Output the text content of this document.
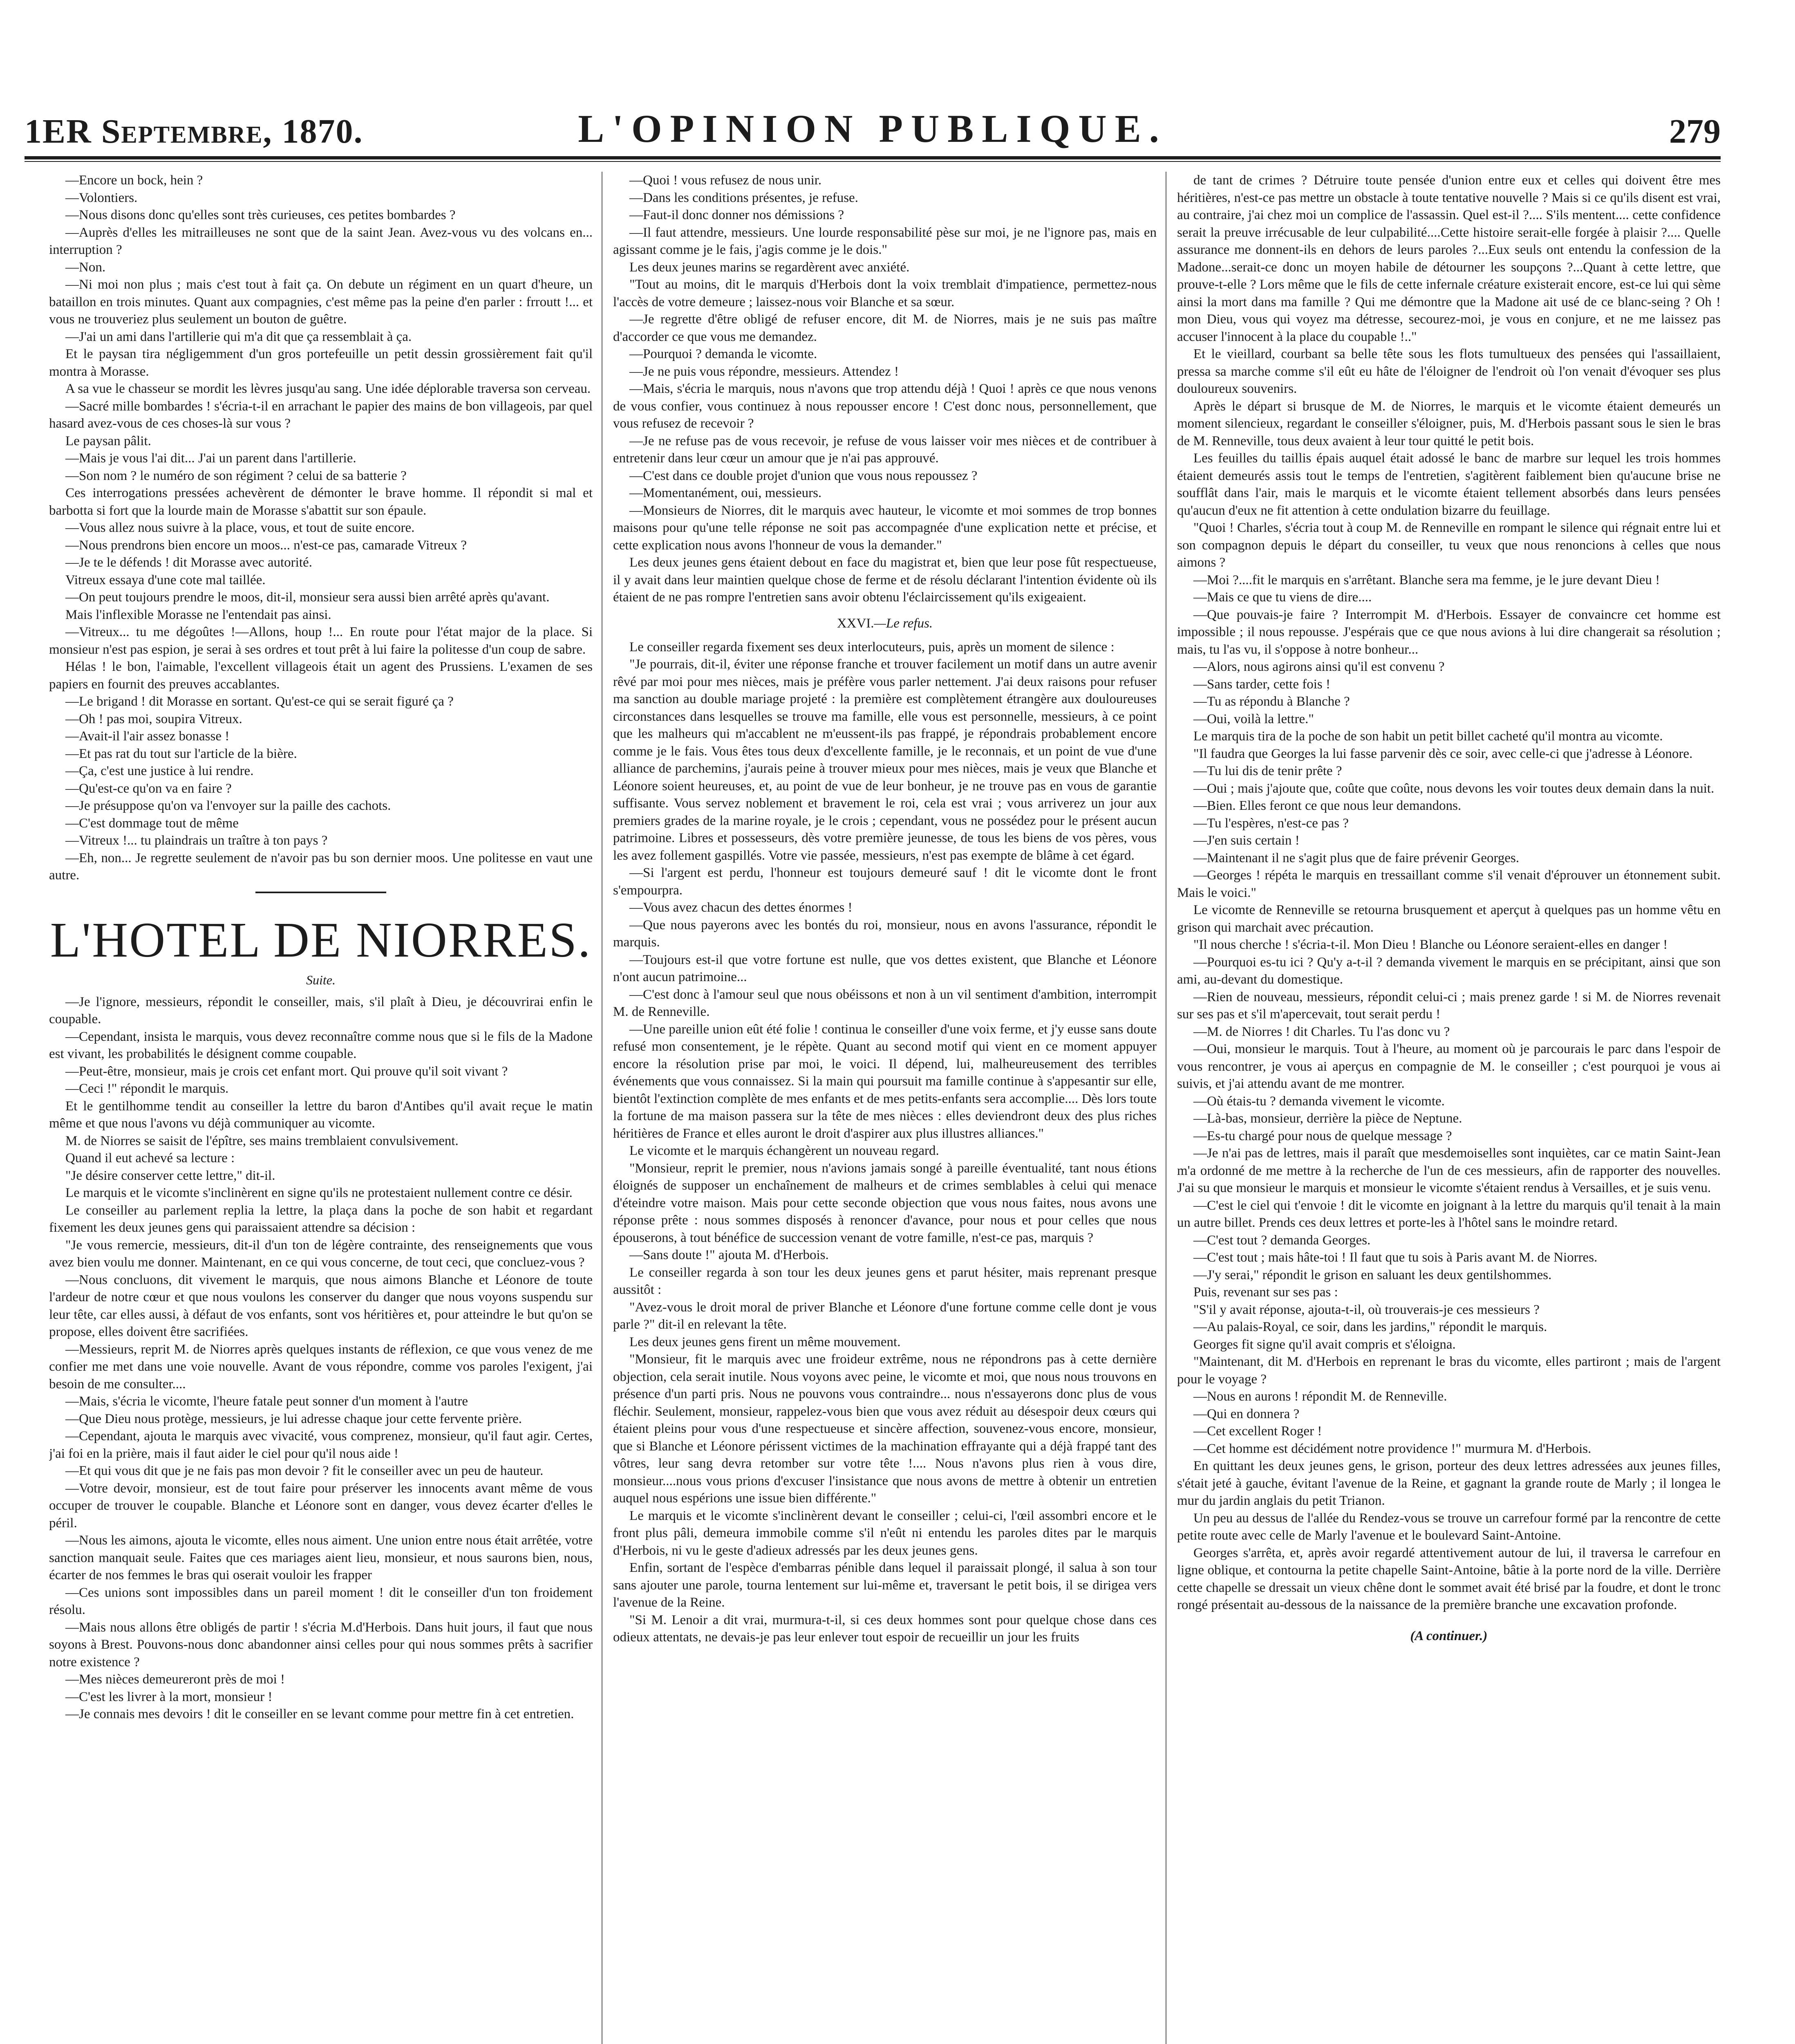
1ER Septembre, 1870.	L'OPINION PUBLIQUE.	279

—Encore un bock, hein ?

—Volontiers.

—Nous disons donc qu'elles sont très curieuses, ces petites bombardes ?

—Auprès d'elles les mitrailleuses ne sont que de la saint Jean. Avez-vous vu des volcans en... interruption ?

—Non.

—Ni moi non plus ; mais c'est tout à fait ça. On debute un régiment en un quart d'heure, un bataillon en trois minutes. Quant aux compagnies, c'est même pas la peine d'en parler : frroutt !... et vous ne trouveriez plus seulement un bouton de guêtre.

—J'ai un ami dans l'artillerie qui m'a dit que ça ressemblait à ça.

Et le paysan tira négligemment d'un gros portefeuille un petit dessin grossièrement fait qu'il montra à Morasse.

A sa vue le chasseur se mordit les lèvres jusqu'au sang. Une idée déplorable traversa son cerveau.

—Sacré mille bombardes ! s'écria-t-il en arrachant le papier des mains de bon villageois, par quel hasard avez-vous de ces choses-là sur vous ?

Le paysan pâlit.

—Mais je vous l'ai dit... J'ai un parent dans l'artillerie.

—Son nom ? le numéro de son régiment ? celui de sa batterie ?

Ces interrogations pressées achevèrent de démonter le brave homme. Il répondit si mal et barbotta si fort que la lourde main de Morasse s'abattit sur son épaule.

—Vous allez nous suivre à la place, vous, et tout de suite encore.

—Nous prendrons bien encore un moos... n'est-ce pas, camarade Vitreux ?

—Je te le défends ! dit Morasse avec autorité.

Vitreux essaya d'une cote mal taillée.

—On peut toujours prendre le moos, dit-il, monsieur sera aussi bien arrêté après qu'avant.

Mais l'inflexible Morasse ne l'entendait pas ainsi.

—Vitreux... tu me dégoûtes !—Allons, houp !... En route pour l'état major de la place. Si monsieur n'est pas espion, je serai à ses ordres et tout prêt à lui faire la politesse d'un coup de sabre.

Hélas ! le bon, l'aimable, l'excellent villageois était un agent des Prussiens. L'examen de ses papiers en fournit des preuves accablantes.

—Le brigand ! dit Morasse en sortant. Qu'est-ce qui se serait figuré ça ?

—Oh ! pas moi, soupira Vitreux.

—Avait-il l'air assez bonasse !

—Et pas rat du tout sur l'article de la bière.

—Ça, c'est une justice à lui rendre.

—Qu'est-ce qu'on va en faire ?

—Je présuppose qu'on va l'envoyer sur la paille des cachots.

—C'est dommage tout de même

—Vitreux !... tu plaindrais un traître à ton pays ?

—Eh, non... Je regrette seulement de n'avoir pas bu son dernier moos. Une politesse en vaut une autre.

L'HOTEL DE NIORRES.
Suite.

—Je l'ignore, messieurs, répondit le conseiller, mais, s'il plaît à Dieu, je découvrirai enfin le coupable.

—Cependant, insista le marquis, vous devez reconnaître comme nous que si le fils de la Madone est vivant, les probabilités le désignent comme coupable.

—Peut-être, monsieur, mais je crois cet enfant mort. Qui prouve qu'il soit vivant ?

—Ceci !" répondit le marquis.

Et le gentilhomme tendit au conseiller la lettre du baron d'Antibes qu'il avait reçue le matin même et que nous l'avons vu déjà communiquer au vicomte.

M. de Niorres se saisit de l'épître, ses mains tremblaient convulsivement.

Quand il eut achevé sa lecture :

"Je désire conserver cette lettre," dit-il.

Le marquis et le vicomte s'inclinèrent en signe qu'ils ne protestaient nullement contre ce désir.

Le conseiller au parlement replia la lettre, la plaça dans la poche de son habit et regardant fixement les deux jeunes gens qui paraissaient attendre sa décision :

"Je vous remercie, messieurs, dit-il d'un ton de légère contrainte, des renseignements que vous avez bien voulu me donner. Maintenant, en ce qui vous concerne, de tout ceci, que concluez-vous ?

—Nous concluons, dit vivement le marquis, que nous aimons Blanche et Léonore de toute l'ardeur de notre cœur et que nous voulons les conserver du danger que nous voyons suspendu sur leur tête, car elles aussi, à défaut de vos enfants, sont vos héritières et, pour atteindre le but qu'on se propose, elles doivent être sacrifiées.

—Messieurs, reprit M. de Niorres après quelques instants de réflexion, ce que vous venez de me confier me met dans une voie nouvelle. Avant de vous répondre, comme vos paroles l'exigent, j'ai besoin de me consulter....

—Mais, s'écria le vicomte, l'heure fatale peut sonner d'un moment à l'autre

—Que Dieu nous protège, messieurs, je lui adresse chaque jour cette fervente prière.

—Cependant, ajouta le marquis avec vivacité, vous comprenez, monsieur, qu'il faut agir. Certes, j'ai foi en la prière, mais il faut aider le ciel pour qu'il nous aide !

—Et qui vous dit que je ne fais pas mon devoir ? fit le conseiller avec un peu de hauteur.

—Votre devoir, monsieur, est de tout faire pour préserver les innocents avant même de vous occuper de trouver le coupable. Blanche et Léonore sont en danger, vous devez écarter d'elles le péril.

—Nous les aimons, ajouta le vicomte, elles nous aiment. Une union entre nous était arrêtée, votre sanction manquait seule. Faites que ces mariages aient lieu, monsieur, et nous saurons bien, nous, écarter de nos femmes le bras qui oserait vouloir les frapper

—Ces unions sont impossibles dans un pareil moment ! dit le conseiller d'un ton froidement résolu.

—Mais nous allons être obligés de partir ! s'écria M.d'Herbois. Dans huit jours, il faut que nous soyons à Brest. Pouvons-nous donc abandonner ainsi celles pour qui nous sommes prêts à sacrifier notre existence ?

—Mes nièces demeureront près de moi !

—C'est les livrer à la mort, monsieur !

—Je connais mes devoirs ! dit le conseiller en se levant comme pour mettre fin à cet entretien.

—Quoi ! vous refusez de nous unir.

—Dans les conditions présentes, je refuse.

—Faut-il donc donner nos démissions ?

—Il faut attendre, messieurs. Une lourde responsabilité pèse sur moi, je ne l'ignore pas, mais en agissant comme je le fais, j'agis comme je le dois."

Les deux jeunes marins se regardèrent avec anxiété.

"Tout au moins, dit le marquis d'Herbois dont la voix tremblait d'impatience, permettez-nous l'accès de votre demeure ; laissez-nous voir Blanche et sa sœur.

—Je regrette d'être obligé de refuser encore, dit M. de Niorres, mais je ne suis pas maître d'accorder ce que vous me demandez.

—Pourquoi ? demanda le vicomte.

—Je ne puis vous répondre, messieurs. Attendez !

—Mais, s'écria le marquis, nous n'avons que trop attendu déjà ! Quoi ! après ce que nous venons de vous confier, vous continuez à nous repousser encore ! C'est donc nous, personnellement, que vous refusez de recevoir ?

—Je ne refuse pas de vous recevoir, je refuse de vous laisser voir mes nièces et de contribuer à entretenir dans leur cœur un amour que je n'ai pas approuvé.

—C'est dans ce double projet d'union que vous nous repoussez ?

—Momentanément, oui, messieurs.

—Monsieurs de Niorres, dit le marquis avec hauteur, le vicomte et moi sommes de trop bonnes maisons pour qu'une telle réponse ne soit pas accompagnée d'une explication nette et précise, et cette explication nous avons l'honneur de vous la demander."

Les deux jeunes gens étaient debout en face du magistrat et, bien que leur pose fût respectueuse, il y avait dans leur maintien quelque chose de ferme et de résolu déclarant l'intention évidente où ils étaient de ne pas rompre l'entretien sans avoir obtenu l'éclaircissement qu'ils exigeaient.

XXVI.—Le refus.

Le conseiller regarda fixement ses deux interlocuteurs, puis, après un moment de silence :

"Je pourrais, dit-il, éviter une réponse franche et trouver facilement un motif dans un autre avenir rêvé par moi pour mes nièces, mais je préfère vous parler nettement. J'ai deux raisons pour refuser ma sanction au double mariage projeté : la première est complètement étrangère aux douloureuses circonstances dans lesquelles se trouve ma famille, elle vous est personnelle, messieurs, à ce point que les malheurs qui m'accablent ne m'eussent-ils pas frappé, je répondrais probablement encore comme je le fais. Vous êtes tous deux d'excellente famille, je le reconnais, et un point de vue d'une alliance de parchemins, j'aurais peine à trouver mieux pour mes nièces, mais je veux que Blanche et Léonore soient heureuses, et, au point de vue de leur bonheur, je ne trouve pas en vous de garantie suffisante. Vous servez noblement et bravement le roi, cela est vrai ; vous arriverez un jour aux premiers grades de la marine royale, je le crois ; cependant, vous ne possédez pour le présent aucun patrimoine. Libres et possesseurs, dès votre première jeunesse, de tous les biens de vos pères, vous les avez follement gaspillés. Votre vie passée, messieurs, n'est pas exempte de blâme à cet égard.

—Si l'argent est perdu, l'honneur est toujours demeuré sauf ! dit le vicomte dont le front s'empourpra.

—Vous avez chacun des dettes énormes !

—Que nous payerons avec les bontés du roi, monsieur, nous en avons l'assurance, répondit le marquis.

—Toujours est-il que votre fortune est nulle, que vos dettes existent, que Blanche et Léonore n'ont aucun patrimoine...

—C'est donc à l'amour seul que nous obéissons et non à un vil sentiment d'ambition, interrompit M. de Renneville.

—Une pareille union eût été folie ! continua le conseiller d'une voix ferme, et j'y eusse sans doute refusé mon consentement, je le répète. Quant au second motif qui vient en ce moment appuyer encore la résolution prise par moi, le voici. Il dépend, lui, malheureusement des terribles événements que vous connaissez. Si la main qui poursuit ma famille continue à s'appesantir sur elle, bientôt l'extinction complète de mes enfants et de mes petits-enfants sera accomplie.... Dès lors toute la fortune de ma maison passera sur la tête de mes nièces : elles deviendront deux des plus riches héritières de France et elles auront le droit d'aspirer aux plus illustres alliances."

Le vicomte et le marquis échangèrent un nouveau regard.

"Monsieur, reprit le premier, nous n'avions jamais songé à pareille éventualité, tant nous étions éloignés de supposer un enchaînement de malheurs et de crimes semblables à celui qui menace d'éteindre votre maison. Mais pour cette seconde objection que vous nous faites, nous avons une réponse prête : nous sommes disposés à renoncer d'avance, pour nous et pour celles que nous épouserons, à tout bénéfice de succession venant de votre famille, n'est-ce pas, marquis ?

—Sans doute !" ajouta M. d'Herbois.

Le conseiller regarda à son tour les deux jeunes gens et parut hésiter, mais reprenant presque aussitôt :

"Avez-vous le droit moral de priver Blanche et Léonore d'une fortune comme celle dont je vous parle ?" dit-il en relevant la tête.

Les deux jeunes gens firent un même mouvement.

"Monsieur, fit le marquis avec une froideur extrême, nous ne répondrons pas à cette dernière objection, cela serait inutile. Nous voyons avec peine, le vicomte et moi, que nous nous trouvons en présence d'un parti pris. Nous ne pouvons vous contraindre... nous n'essayerons donc plus de vous fléchir. Seulement, monsieur, rappelez-vous bien que vous avez réduit au désespoir deux cœurs qui étaient pleins pour vous d'une respectueuse et sincère affection, souvenez-vous encore, monsieur, que si Blanche et Léonore périssent victimes de la machination effrayante qui a déjà frappé tant des vôtres, leur sang devra retomber sur votre tête !.... Nous n'avons plus rien à vous dire, monsieur....nous vous prions d'excuser l'insistance que nous avons de mettre à obtenir un entretien auquel nous espérions une issue bien différente."

Le marquis et le vicomte s'inclinèrent devant le conseiller ; celui-ci, l'œil assombri encore et le front plus pâli, demeura immobile comme s'il n'eût ni entendu les paroles dites par le marquis d'Herbois, ni vu le geste d'adieux adressés par les deux jeunes gens.

Enfin, sortant de l'espèce d'embarras pénible dans lequel il paraissait plongé, il salua à son tour sans ajouter une parole, tourna lentement sur lui-même et, traversant le petit bois, il se dirigea vers l'avenue de la Reine.

"Si M. Lenoir a dit vrai, murmura-t-il, si ces deux hommes sont pour quelque chose dans ces odieux attentats, ne devais-je pas leur enlever tout espoir de recueillir un jour les fruits

de tant de crimes ? Détruire toute pensée d'union entre eux et celles qui doivent être mes héritières, n'est-ce pas mettre un obstacle à toute tentative nouvelle ? Mais si ce qu'ils disent est vrai, au contraire, j'ai chez moi un complice de l'assassin. Quel est-il ?.... S'ils mentent.... cette confidence serait la preuve irrécusable de leur culpabilité....Cette histoire serait-elle forgée à plaisir ?.... Quelle assurance me donnent-ils en dehors de leurs paroles ?...Eux seuls ont entendu la confession de la Madone...serait-ce donc un moyen habile de détourner les soupçons ?...Quant à cette lettre, que prouve-t-elle ? Lors même que le fils de cette infernale créature existerait encore, est-ce lui qui sème ainsi la mort dans ma famille ? Qui me démontre que la Madone ait usé de ce blanc-seing ? Oh ! mon Dieu, vous qui voyez ma détresse, secourez-moi, je vous en conjure, et ne me laissez pas accuser l'innocent à la place du coupable !.."

Et le vieillard, courbant sa belle tête sous les flots tumultueux des pensées qui l'assaillaient, pressa sa marche comme s'il eût eu hâte de l'éloigner de l'endroit où l'on venait d'évoquer ses plus douloureux souvenirs.

Après le départ si brusque de M. de Niorres, le marquis et le vicomte étaient demeurés un moment silencieux, regardant le conseiller s'éloigner, puis, M. d'Herbois passant sous le sien le bras de M. Renneville, tous deux avaient à leur tour quitté le petit bois.

Les feuilles du taillis épais auquel était adossé le banc de marbre sur lequel les trois hommes étaient demeurés assis tout le temps de l'entretien, s'agitèrent faiblement bien qu'aucune brise ne soufflât dans l'air, mais le marquis et le vicomte étaient tellement absorbés dans leurs pensées qu'aucun d'eux ne fit attention à cette ondulation bizarre du feuillage.

"Quoi ! Charles, s'écria tout à coup M. de Renneville en rompant le silence qui régnait entre lui et son compagnon depuis le départ du conseiller, tu veux que nous renoncions à celles que nous aimons ?

—Moi ?....fit le marquis en s'arrêtant. Blanche sera ma femme, je le jure devant Dieu !

—Mais ce que tu viens de dire....

—Que pouvais-je faire ? Interrompit M. d'Herbois. Essayer de convaincre cet homme est impossible ; il nous repousse. J'espérais que ce que nous avions à lui dire changerait sa résolution ; mais, tu l'as vu, il s'oppose à notre bonheur...

—Alors, nous agirons ainsi qu'il est convenu ?

—Sans tarder, cette fois !

—Tu as répondu à Blanche ?

—Oui, voilà la lettre."

Le marquis tira de la poche de son habit un petit billet cacheté qu'il montra au vicomte.

"Il faudra que Georges la lui fasse parvenir dès ce soir, avec celle-ci que j'adresse à Léonore.

—Tu lui dis de tenir prête ?

—Oui ; mais j'ajoute que, coûte que coûte, nous devons les voir toutes deux demain dans la nuit.

—Bien. Elles feront ce que nous leur demandons.

—Tu l'espères, n'est-ce pas ?

—J'en suis certain !

—Maintenant il ne s'agit plus que de faire prévenir Georges.

—Georges ! répéta le marquis en tressaillant comme s'il venait d'éprouver un étonnement subit. Mais le voici."

Le vicomte de Renneville se retourna brusquement et aperçut à quelques pas un homme vêtu en grison qui marchait avec précaution.

"Il nous cherche ! s'écria-t-il. Mon Dieu ! Blanche ou Léonore seraient-elles en danger !

—Pourquoi es-tu ici ? Qu'y a-t-il ? demanda vivement le marquis en se précipitant, ainsi que son ami, au-devant du domestique.

—Rien de nouveau, messieurs, répondit celui-ci ; mais prenez garde ! si M. de Niorres revenait sur ses pas et s'il m'apercevait, tout serait perdu !

—M. de Niorres ! dit Charles. Tu l'as donc vu ?

—Oui, monsieur le marquis. Tout à l'heure, au moment où je parcourais le parc dans l'espoir de vous rencontrer, je vous ai aperçus en compagnie de M. le conseiller ; c'est pourquoi je vous ai suivis, et j'ai attendu avant de me montrer.

—Où étais-tu ? demanda vivement le vicomte.

—Là-bas, monsieur, derrière la pièce de Neptune.

—Es-tu chargé pour nous de quelque message ?

—Je n'ai pas de lettres, mais il paraît que mesdemoiselles sont inquiètes, car ce matin Saint-Jean m'a ordonné de me mettre à la recherche de l'un de ces messieurs, afin de rapporter des nouvelles. J'ai su que monsieur le marquis et monsieur le vicomte s'étaient rendus à Versailles, et je suis venu.

—C'est le ciel qui t'envoie ! dit le vicomte en joignant à la lettre du marquis qu'il tenait à la main un autre billet. Prends ces deux lettres et porte-les à l'hôtel sans le moindre retard.

—C'est tout ? demanda Georges.

—C'est tout ; mais hâte-toi ! Il faut que tu sois à Paris avant M. de Niorres.

—J'y serai," répondit le grison en saluant les deux gentilshommes.

Puis, revenant sur ses pas :

"S'il y avait réponse, ajouta-t-il, où trouverais-je ces messieurs ?

—Au palais-Royal, ce soir, dans les jardins," répondit le marquis.

Georges fit signe qu'il avait compris et s'éloigna.

"Maintenant, dit M. d'Herbois en reprenant le bras du vicomte, elles partiront ; mais de l'argent pour le voyage ?

—Nous en aurons ! répondit M. de Renneville.

—Qui en donnera ?

—Cet excellent Roger !

—Cet homme est décidément notre providence !" murmura M. d'Herbois.

En quittant les deux jeunes gens, le grison, porteur des deux lettres adressées aux jeunes filles, s'était jeté à gauche, évitant l'avenue de la Reine, et gagnant la grande route de Marly ; il longea le mur du jardin anglais du petit Trianon.

Un peu au dessus de l'allée du Rendez-vous se trouve un carrefour formé par la rencontre de cette petite route avec celle de Marly l'avenue et le boulevard Saint-Antoine.

Georges s'arrêta, et, après avoir regardé attentivement autour de lui, il traversa le carrefour en ligne oblique, et contourna la petite chapelle Saint-Antoine, bâtie à la porte nord de la ville. Derrière cette chapelle se dressait un vieux chêne dont le sommet avait été brisé par la foudre, et dont le tronc rongé présentait au-dessous de la naissance de la première branche une excavation profonde.

(A continuer.)
